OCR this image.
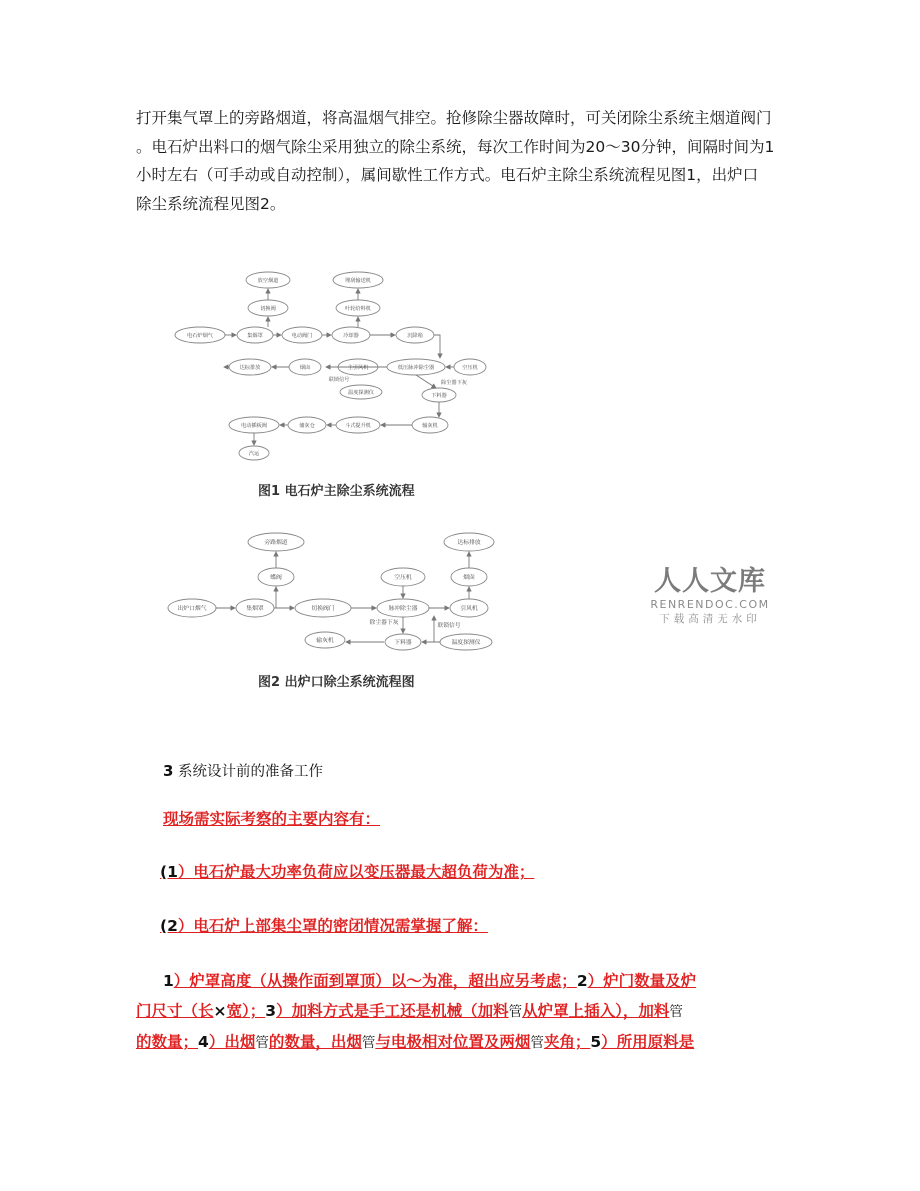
打开集气罩上的旁路烟道，将高温烟气排空。抢修除尘器故障时，可关闭除尘系统主烟道阀门
。电石炉出料口的烟气除尘采用独立的除尘系统，每次工作时间为20～30分钟，间隔时间为1
小时左右（可手动或自动控制），属间歇性工作方式。电石炉主除尘系统流程见图1，出炉口
除尘系统流程见图2。
放空烟道	埋刮输送机
切换阀	叶轮给料机
电石炉烟气	集烟罩	电动阀门	冷却器	沉降箱
达标排放	烟囱	主引风机	低压脉冲除尘器	空压机
联锁信号	除尘器下灰
温度探测仪	下料器
电动插板阀	储灰仓	斗式提升机	输灰机
汽运
图1 电石炉主除尘系统流程
旁路烟道	达标排放
蝶阀	空压机	烟囱
出炉口烟气	集烟罩	切换阀门	脉冲除尘器	引风机
除尘器下灰	联锁信号
下料器	温度探测仪
输灰机
图2 出炉口除尘系统流程图
人人文库
RENRENDOC.COM
下载高清无水印
3 系统设计前的准备工作
现场需实际考察的主要内容有：
(1）电石炉最大功率负荷应以变压器最大超负荷为准；
(2）电石炉上部集尘罩的密闭情况需掌握了解：
1）炉罩高度（从操作面到罩顶）以～为准，超出应另考虑；2）炉门数量及炉
门尺寸（长×宽）；3）加料方式是手工还是机械（加料管从炉罩上插入），加料管
的数量；4）出烟管的数量，出烟管与电极相对位置及两烟管夹角；5）所用原料是
